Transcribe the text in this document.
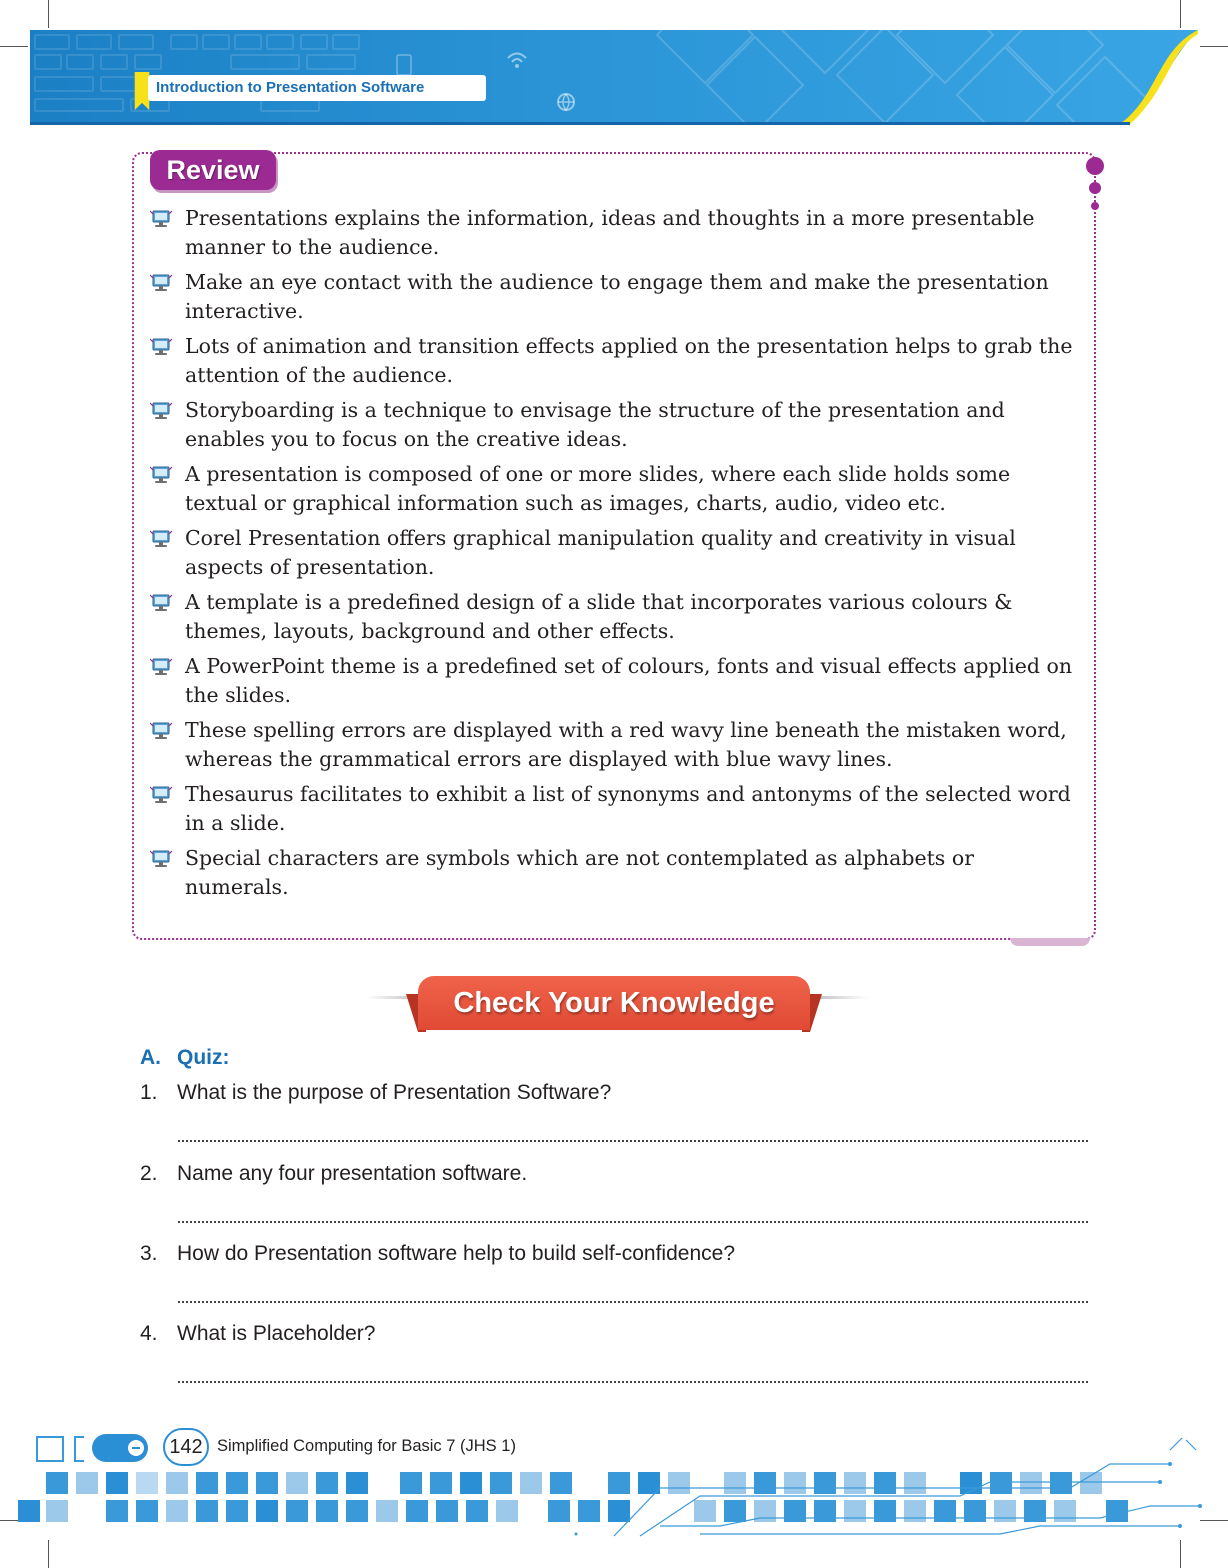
Introduction to Presentation Software
Review
Presentations explains the information, ideas and thoughts in a more presentable manner to the audience.
Make an eye contact with the audience to engage them and make the presentation interactive.
Lots of animation and transition effects applied on the presentation helps to grab the attention of the audience.
Storyboarding is a technique to envisage the structure of the presentation and enables you to focus on the creative ideas.
A presentation is composed of one or more slides, where each slide holds some textual or graphical information such as images, charts, audio, video etc.
Corel Presentation offers graphical manipulation quality and creativity in visual aspects of presentation.
A template is a predefined design of a slide that incorporates various colours & themes, layouts, background and other effects.
A PowerPoint theme is a predefined set of colours, fonts and visual effects applied on the slides.
These spelling errors are displayed with a red wavy line beneath the mistaken word, whereas the grammatical errors are displayed with blue wavy lines.
Thesaurus facilitates to exhibit a list of synonyms and antonyms of the selected word in a slide.
Special characters are symbols which are not contemplated as alphabets or numerals.
Check Your Knowledge
A. Quiz:
1. What is the purpose of Presentation Software?
2. Name any four presentation software.
3. How do Presentation software help to build self-confidence?
4. What is Placeholder?
142 Simplified Computing for Basic 7 (JHS 1)
